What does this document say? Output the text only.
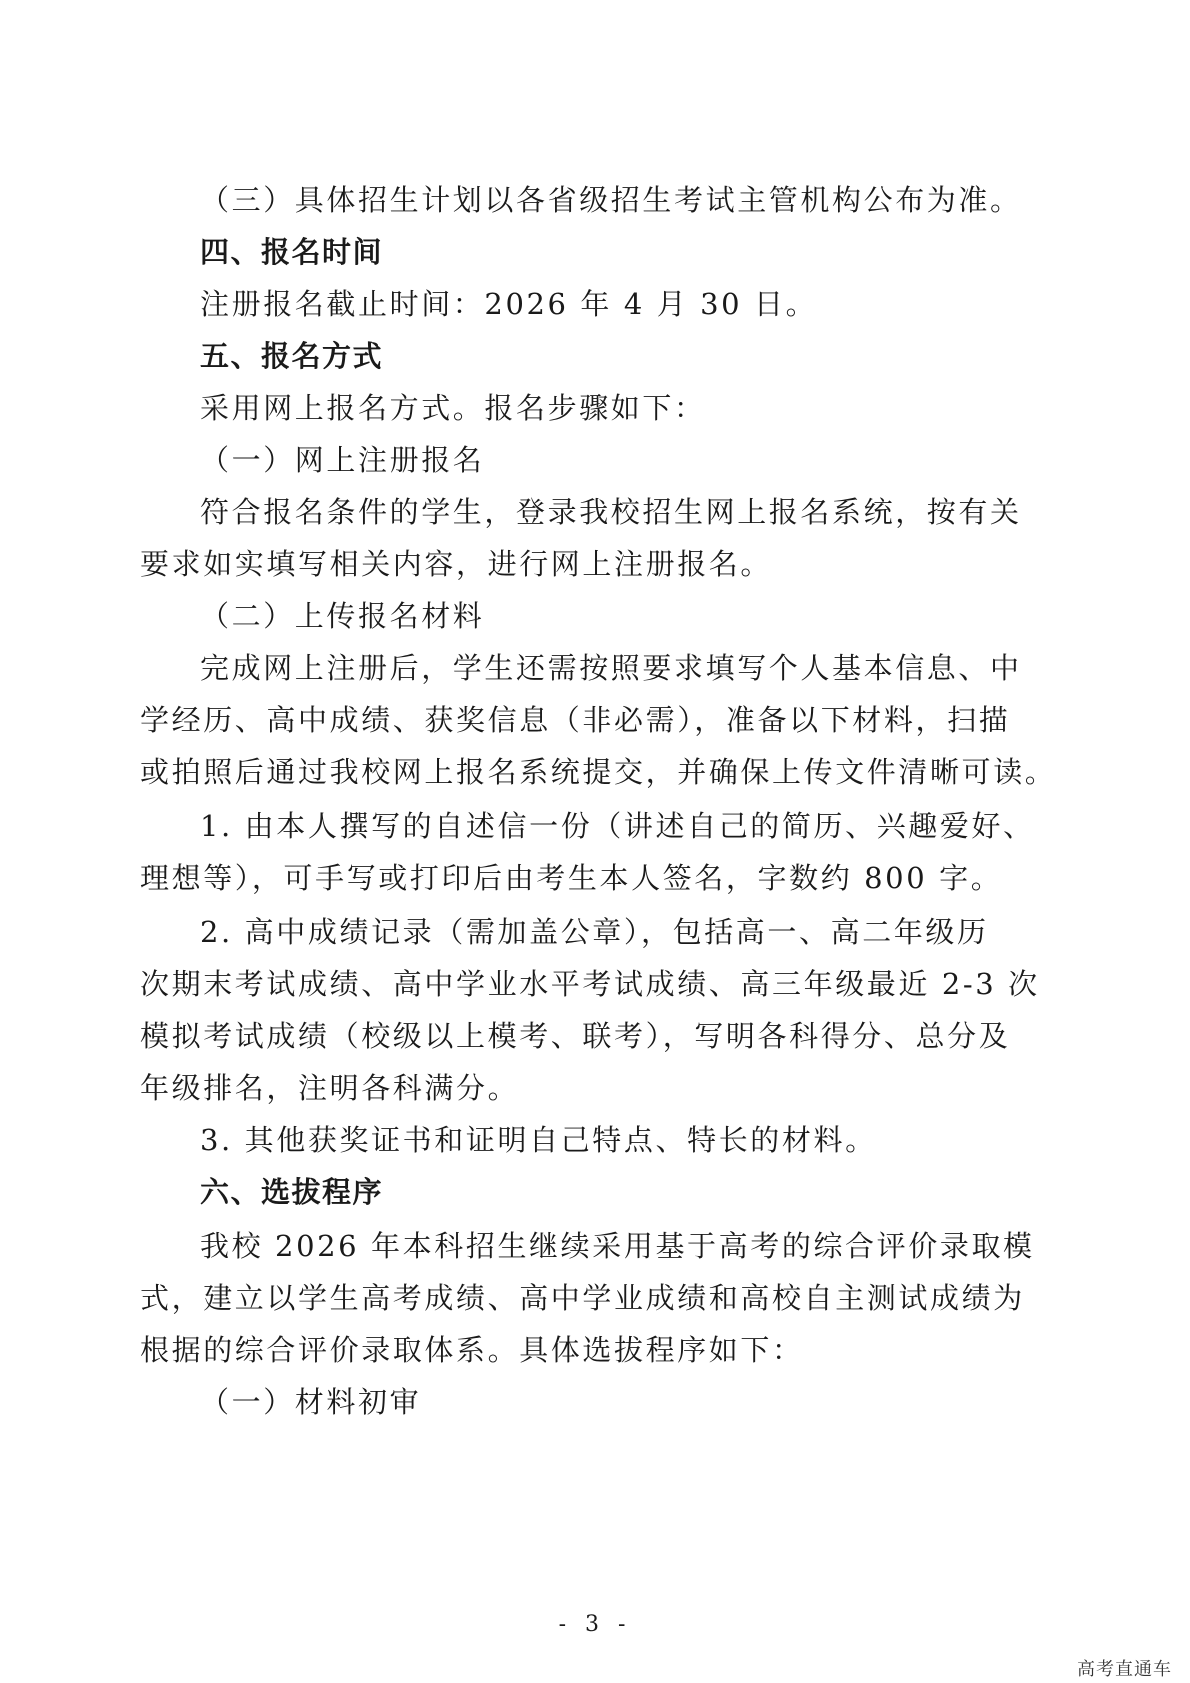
（三）具体招生计划以各省级招生考试主管机构公布为准。
四、报名时间
注册报名截止时间：2026 年 4 月 30 日。
五、报名方式
采用网上报名方式。报名步骤如下：
（一）网上注册报名
符合报名条件的学生，登录我校招生网上报名系统，按有关
要求如实填写相关内容，进行网上注册报名。
（二）上传报名材料
完成网上注册后，学生还需按照要求填写个人基本信息、中
学经历、高中成绩、获奖信息（非必需），准备以下材料，扫描
或拍照后通过我校网上报名系统提交，并确保上传文件清晰可读。
1. 由本人撰写的自述信一份（讲述自己的简历、兴趣爱好、
理想等），可手写或打印后由考生本人签名，字数约 800 字。
2. 高中成绩记录（需加盖公章），包括高一、高二年级历
次期末考试成绩、高中学业水平考试成绩、高三年级最近 2-3 次
模拟考试成绩（校级以上模考、联考），写明各科得分、总分及
年级排名，注明各科满分。
3. 其他获奖证书和证明自己特点、特长的材料。
六、选拔程序
我校 2026 年本科招生继续采用基于高考的综合评价录取模
式，建立以学生高考成绩、高中学业成绩和高校自主测试成绩为
根据的综合评价录取体系。具体选拔程序如下：
（一）材料初审
- 3 -
高考直通车
